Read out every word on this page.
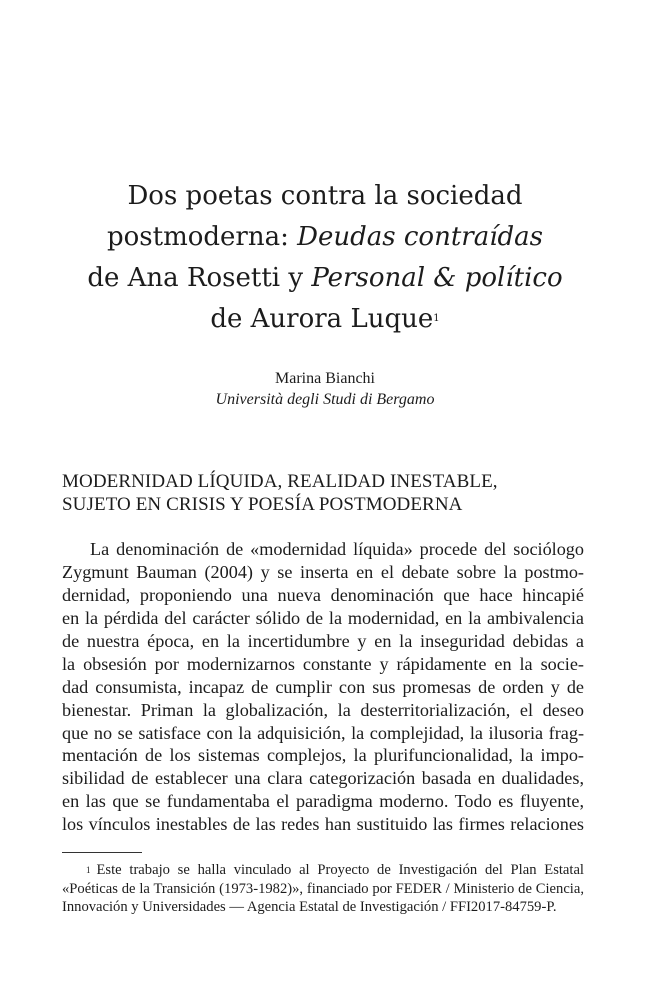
Dos poetas contra la sociedad
postmoderna: Deudas contraídas
de Ana Rosetti y Personal & político
de Aurora Luque$^1$
Marina Bianchi
Università degli Studi di Bergamo
MODERNIDAD LÍQUIDA, REALIDAD INESTABLE,
SUJETO EN CRISIS Y POESÍA POSTMODERNA
La denominación de «modernidad líquida» procede del sociólogo
Zygmunt Bauman (2004) y se inserta en el debate sobre la postmo-
dernidad, proponiendo una nueva denominación que hace hincapié
en la pérdida del carácter sólido de la modernidad, en la ambivalencia
de nuestra época, en la incertidumbre y en la inseguridad debidas a
la obsesión por modernizarnos constante y rápidamente en la socie-
dad consumista, incapaz de cumplir con sus promesas de orden y de
bienestar. Priman la globalización, la desterritorialización, el deseo
que no se satisface con la adquisición, la complejidad, la ilusoria frag-
mentación de los sistemas complejos, la plurifuncionalidad, la impo-
sibilidad de establecer una clara categorización basada en dualidades,
en las que se fundamentaba el paradigma moderno. Todo es fluyente,
los vínculos inestables de las redes han sustituido las firmes relaciones
$^1$ Este trabajo se halla vinculado al Proyecto de Investigación del Plan Estatal
«Poéticas de la Transición (1973-1982)», financiado por FEDER / Ministerio de Ciencia,
Innovación y Universidades — Agencia Estatal de Investigación / FFI2017-84759-P.
